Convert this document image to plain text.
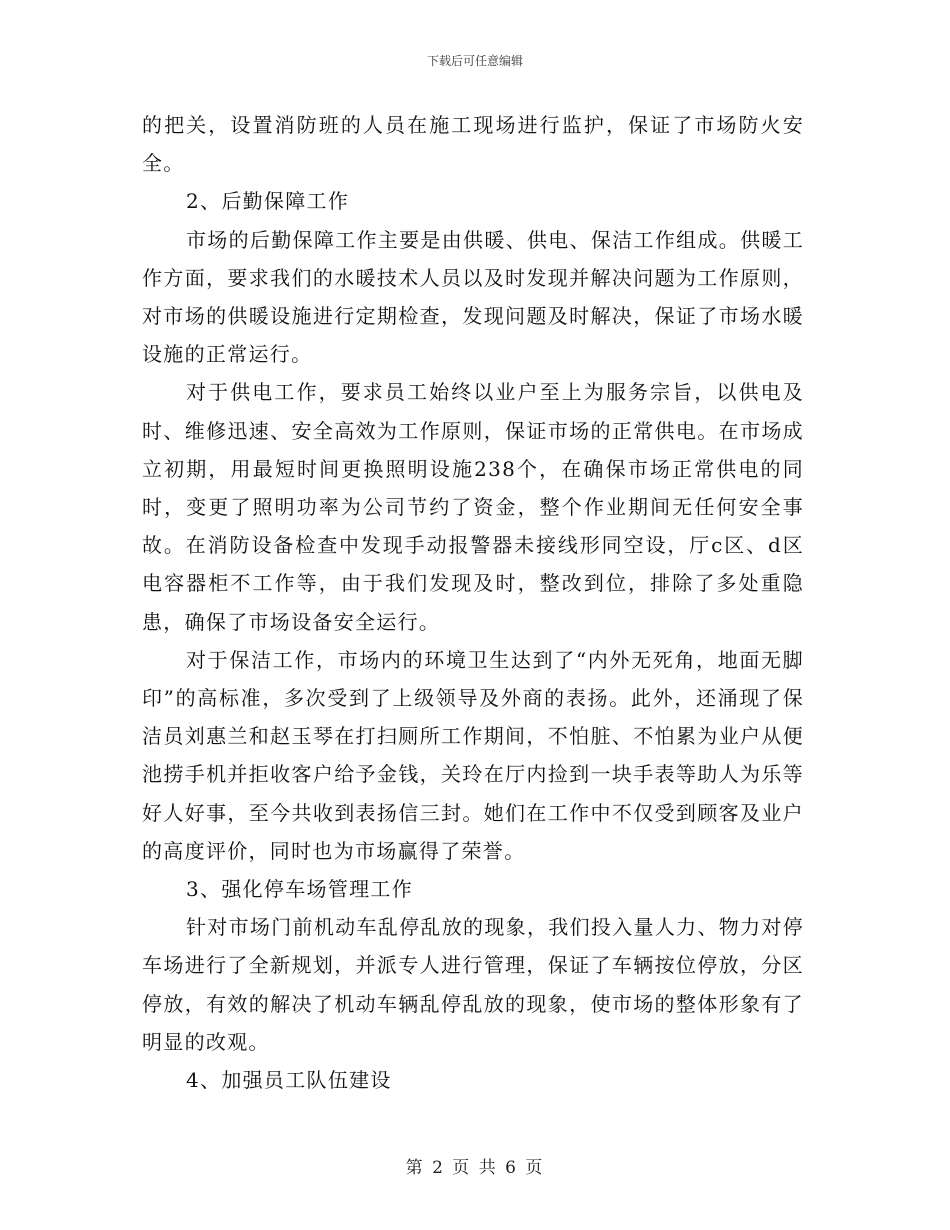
下载后可任意编辑

的把关，设置消防班的人员在施工现场进行监护，保证了市场防火安全。

2、后勤保障工作

市场的后勤保障工作主要是由供暖、供电、保洁工作组成。供暖工作方面，要求我们的水暖技术人员以及时发现并解决问题为工作原则，对市场的供暖设施进行定期检查，发现问题及时解决，保证了市场水暖设施的正常运行。

对于供电工作，要求员工始终以业户至上为服务宗旨，以供电及时、维修迅速、安全高效为工作原则，保证市场的正常供电。在市场成立初期，用最短时间更换照明设施238个，在确保市场正常供电的同时，变更了照明功率为公司节约了资金，整个作业期间无任何安全事故。在消防设备检查中发现手动报警器未接线形同空设，厅c区、d区电容器柜不工作等，由于我们发现及时，整改到位，排除了多处重隐患，确保了市场设备安全运行。

对于保洁工作，市场内的环境卫生达到了“内外无死角，地面无脚印”的高标准，多次受到了上级领导及外商的表扬。此外，还涌现了保洁员刘惠兰和赵玉琴在打扫厕所工作期间，不怕脏、不怕累为业户从便池捞手机并拒收客户给予金钱，关玲在厅内捡到一块手表等助人为乐等好人好事，至今共收到表扬信三封。她们在工作中不仅受到顾客及业户的高度评价，同时也为市场赢得了荣誉。

3、强化停车场管理工作

针对市场门前机动车乱停乱放的现象，我们投入量人力、物力对停车场进行了全新规划，并派专人进行管理，保证了车辆按位停放，分区停放，有效的解决了机动车辆乱停乱放的现象，使市场的整体形象有了明显的改观。

4、加强员工队伍建设

第 2 页 共 6 页
